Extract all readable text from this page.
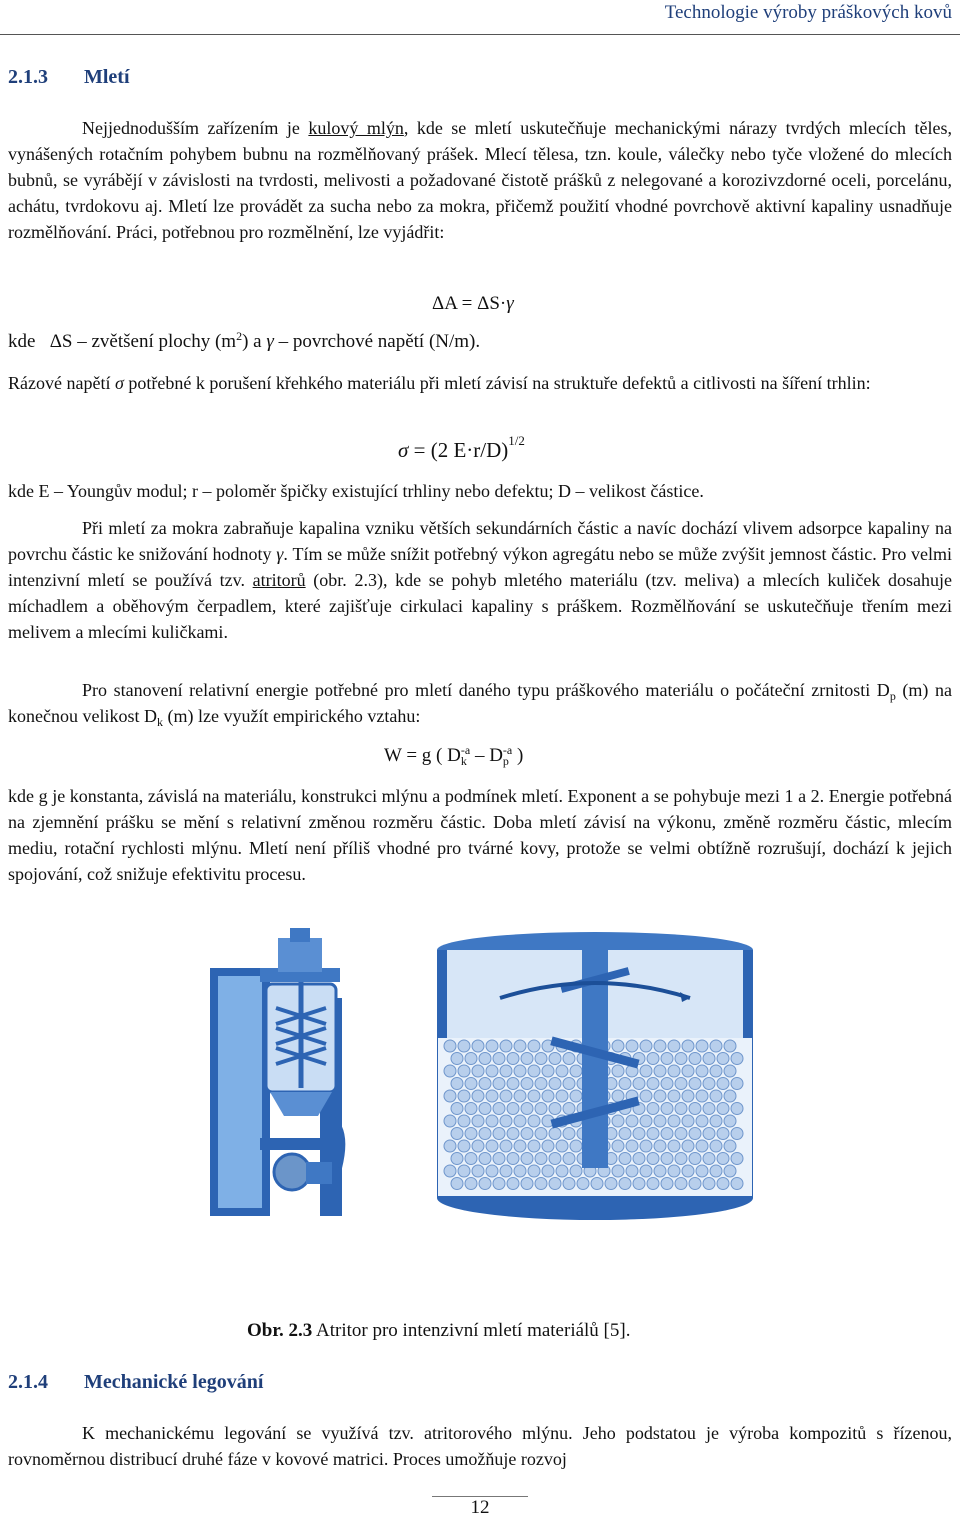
Technologie výroby práškových kovů
2.1.3 Mletí

Nejjednodušším zařízením je kulový mlýn, kde se mletí uskutečňuje mechanickými nárazy tvrdých mlecích těles, vynášených rotačním pohybem bubnu na rozmělňovaný prášek. Mlecí tělesa, tzn. koule, válečky nebo tyče vložené do mlecích bubnů, se vyrábějí v závislosti na tvrdosti, melivosti a požadované čistotě prášků z nelegované a korozivzdorné oceli, porcelánu, achátu, tvrdokovu aj. Mletí lze provádět za sucha nebo za mokra, přičemž použití vhodné povrchově aktivní kapaliny usnadňuje rozmělňování. Práci, potřebnou pro rozmělnění, lze vyjádřit:

ΔA = ΔS·γ
kde ΔS – zvětšení plochy $(m^2)$ a γ – povrchové napětí (N/m).

Rázové napětí σ potřebné k porušení křehkého materiálu při mletí závisí na struktuře defektů a citlivosti na šíření trhlin:

σ = (2 E·r/D)$^{1/2}$
kde E – Youngův modul; r – poloměr špičky existující trhliny nebo defektu; D – velikost částice.

Při mletí za mokra zabraňuje kapalina vzniku větších sekundárních částic a navíc dochází vlivem adsorpce kapaliny na povrchu částic ke snižování hodnoty γ. Tím se může snížit potřebný výkon agregátu nebo se může zvýšit jemnost částic. Pro velmi intenzivní mletí se používá tzv. atritorů (obr. 2.3), kde se pohyb mletého materiálu (tzv. meliva) a mlecích kuliček dosahuje míchadlem a oběhovým čerpadlem, které zajišťuje cirkulaci kapaliny s práškem. Rozmělňování se uskutečňuje třením mezi melivem a mlecími kuličkami.

Pro stanovení relativní energie potřebné pro mletí daného typu práškového materiálu o počáteční zrnitosti $D_p$ (m) na konečnou velikost $D_k$ (m) lze využít empirického vztahu:

W = g ( $D_k^{-a} - D_p^{-a}$ )

kde g je konstanta, závislá na materiálu, konstrukci mlýnu a podmínek mletí. Exponent a se pohybuje mezi 1 a 2. Energie potřebná na zjemnění prášku se mění s relativní změnou rozměru částic. Doba mletí závisí na výkonu, změně rozměru částic, mlecím mediu, rotační rychlosti mlýnu. Mletí není příliš vhodné pro tvárné kovy, protože se velmi obtížně rozrušují, dochází k jejich spojování, což snižuje efektivitu procesu.

Obr. 2.3 Atritor pro intenzivní mletí materiálů [5].
2.1.4 Mechanické legování

K mechanickému legování se využívá tzv. atritorového mlýnu. Jeho podstatou je výroba kompozitů s řízenou, rovnoměrnou distribucí druhé fáze v kovové matrici. Proces umožňuje rozvoj

12
